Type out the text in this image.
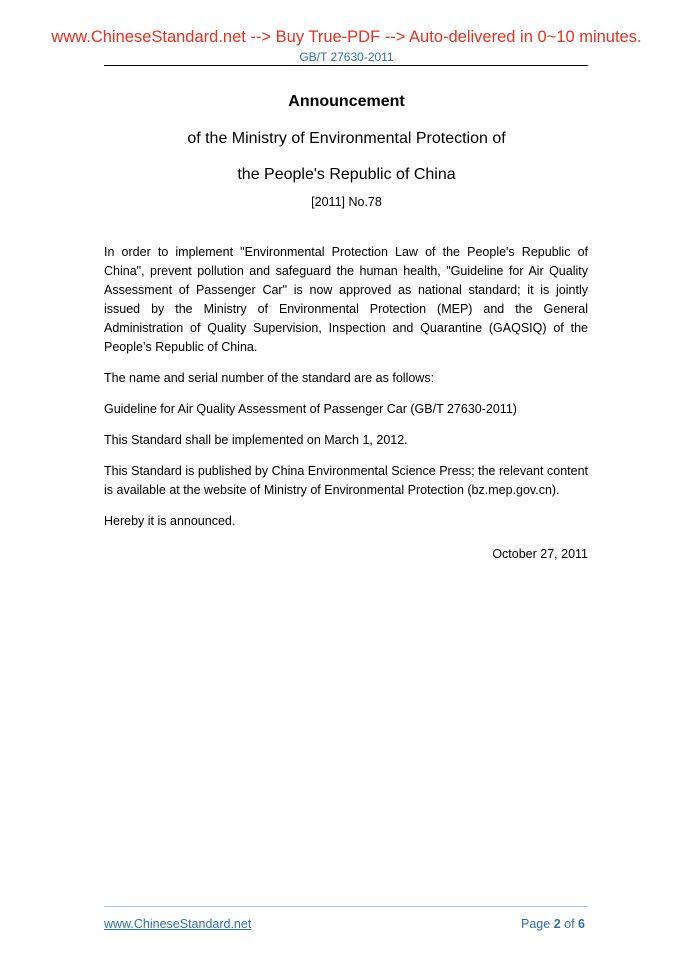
www.ChineseStandard.net --> Buy True-PDF --> Auto-delivered in 0~10 minutes.
GB/T 27630-2011
Announcement
of the Ministry of Environmental Protection of
the People's Republic of China
[2011] No.78

In order to implement "Environmental Protection Law of the People's Republic of China", prevent pollution and safeguard the human health, "Guideline for Air Quality Assessment of Passenger Car" is now approved as national standard; it is jointly issued by the Ministry of Environmental Protection (MEP) and the General Administration of Quality Supervision, Inspection and Quarantine (GAQSIQ) of the People’s Republic of China.

The name and serial number of the standard are as follows:

Guideline for Air Quality Assessment of Passenger Car (GB/T 27630-2011)

This Standard shall be implemented on March 1, 2012.

This Standard is published by China Environmental Science Press; the relevant content is available at the website of Ministry of Environmental Protection (bz.mep.gov.cn).

Hereby it is announced.

October 27, 2011

www.ChineseStandard.net	Page 2 of 6
